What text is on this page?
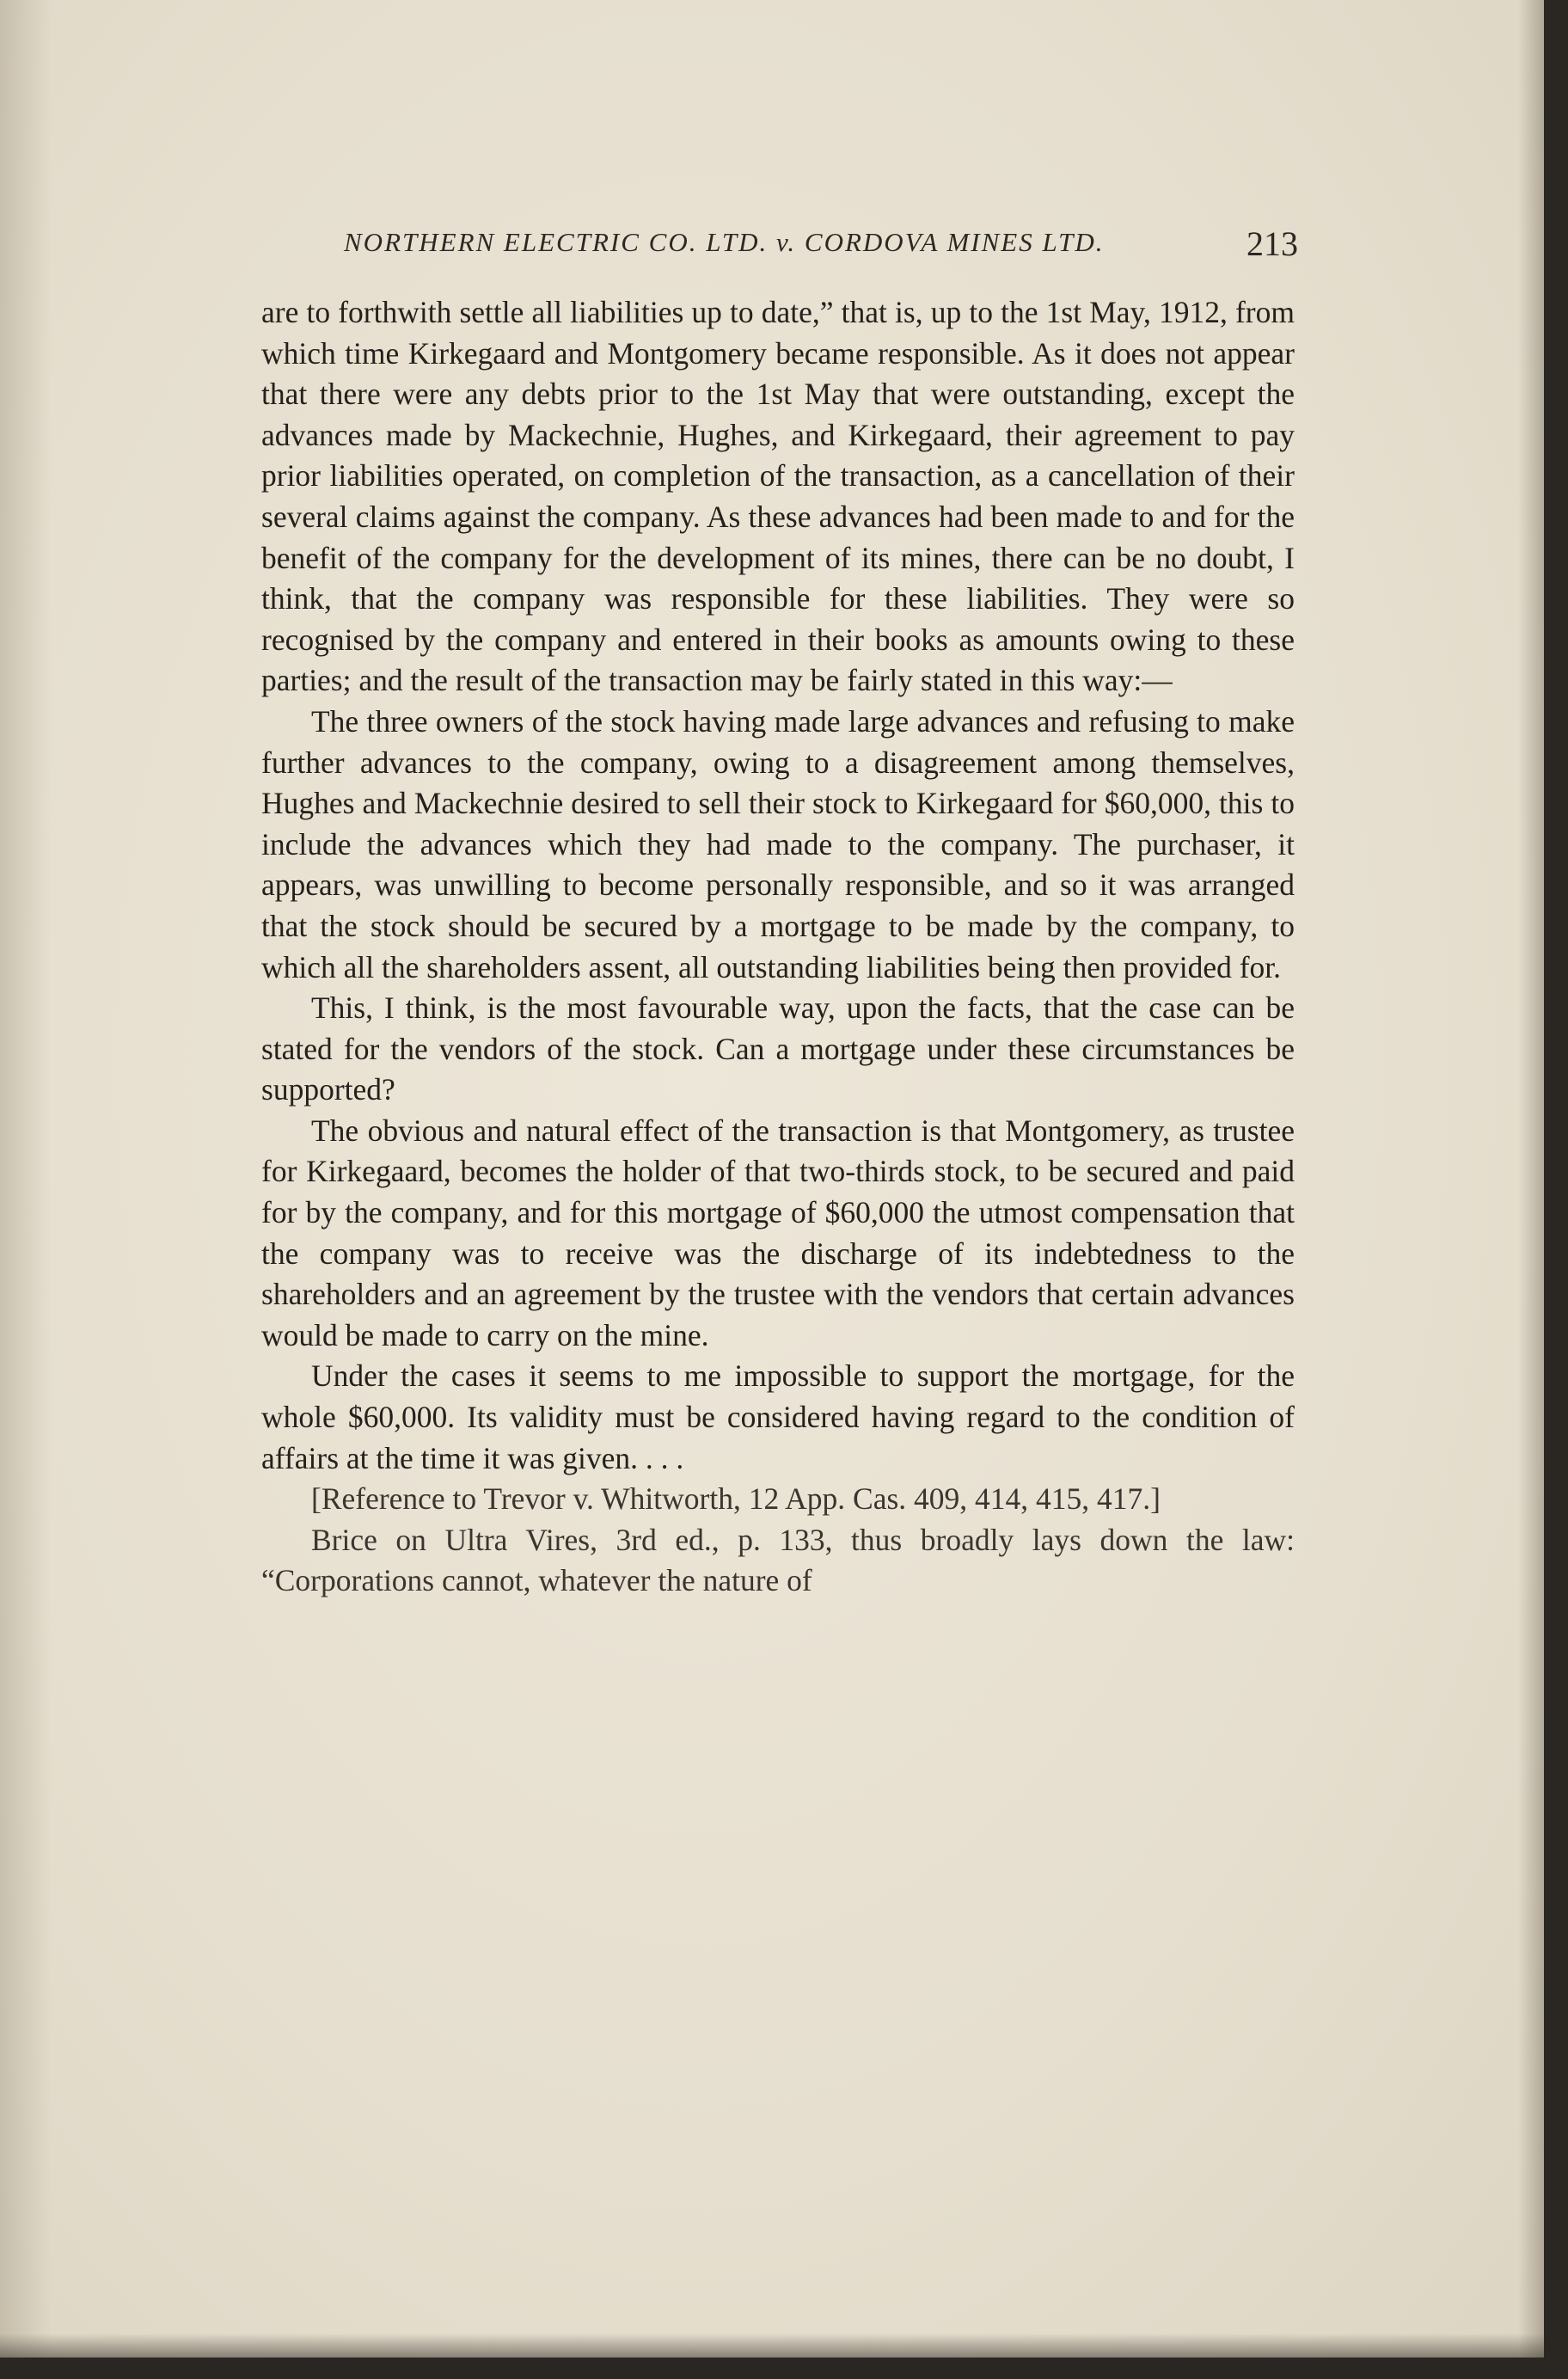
NORTHERN ELECTRIC CO. LTD. v. CORDOVA MINES LTD.	213

are to forthwith settle all liabilities up to date,” that is, up to the 1st May, 1912, from which time Kirkegaard and Montgomery became responsible. As it does not appear that there were any debts prior to the 1st May that were outstanding, except the advances made by Mackechnie, Hughes, and Kirkegaard, their agreement to pay prior liabilities operated, on completion of the transaction, as a cancellation of their several claims against the company. As these advances had been made to and for the benefit of the company for the development of its mines, there can be no doubt, I think, that the company was responsible for these liabilities. They were so recognised by the company and entered in their books as amounts owing to these parties; and the result of the transaction may be fairly stated in this way:—

The three owners of the stock having made large advances and refusing to make further advances to the company, owing to a disagreement among themselves, Hughes and Mackechnie desired to sell their stock to Kirkegaard for $60,000, this to include the advances which they had made to the company. The purchaser, it appears, was unwilling to become personally responsible, and so it was arranged that the stock should be secured by a mortgage to be made by the company, to which all the shareholders assent, all outstanding liabilities being then provided for.

This, I think, is the most favourable way, upon the facts, that the case can be stated for the vendors of the stock. Can a mortgage under these circumstances be supported?

The obvious and natural effect of the transaction is that Montgomery, as trustee for Kirkegaard, becomes the holder of that two-thirds stock, to be secured and paid for by the company, and for this mortgage of $60,000 the utmost compensation that the company was to receive was the discharge of its indebtedness to the shareholders and an agreement by the trustee with the vendors that certain advances would be made to carry on the mine.

Under the cases it seems to me impossible to support the mortgage, for the whole $60,000. Its validity must be considered having regard to the condition of affairs at the time it was given. . . .

[Reference to Trevor v. Whitworth, 12 App. Cas. 409, 414, 415, 417.]

Brice on Ultra Vires, 3rd ed., p. 133, thus broadly lays down the law: “Corporations cannot, whatever the nature of
